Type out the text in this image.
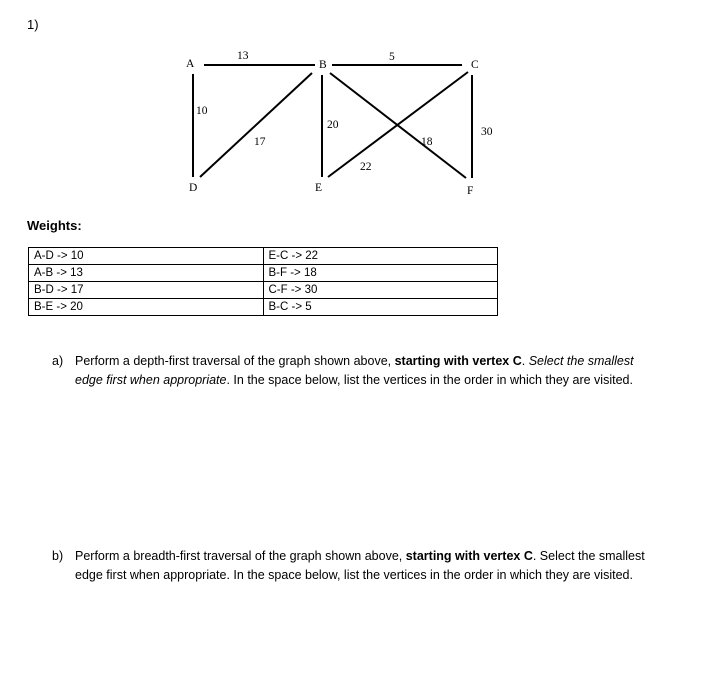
1)
A	B	C
D	E	F
13
10
17
20
22
18
30
5
Weights:
A-D -> 10	E-C -> 22
A-B -> 13	B-F -> 18
B-D -> 17	C-F -> 30
B-E -> 20	B-C -> 5
a) Perform a depth-first traversal of the graph shown above, starting with vertex C. Select the smallest edge first when appropriate. In the space below, list the vertices in the order in which they are visited.
b) Perform a breadth-first traversal of the graph shown above, starting with vertex C. Select the smallest edge first when appropriate. In the space below, list the vertices in the order in which they are visited.
